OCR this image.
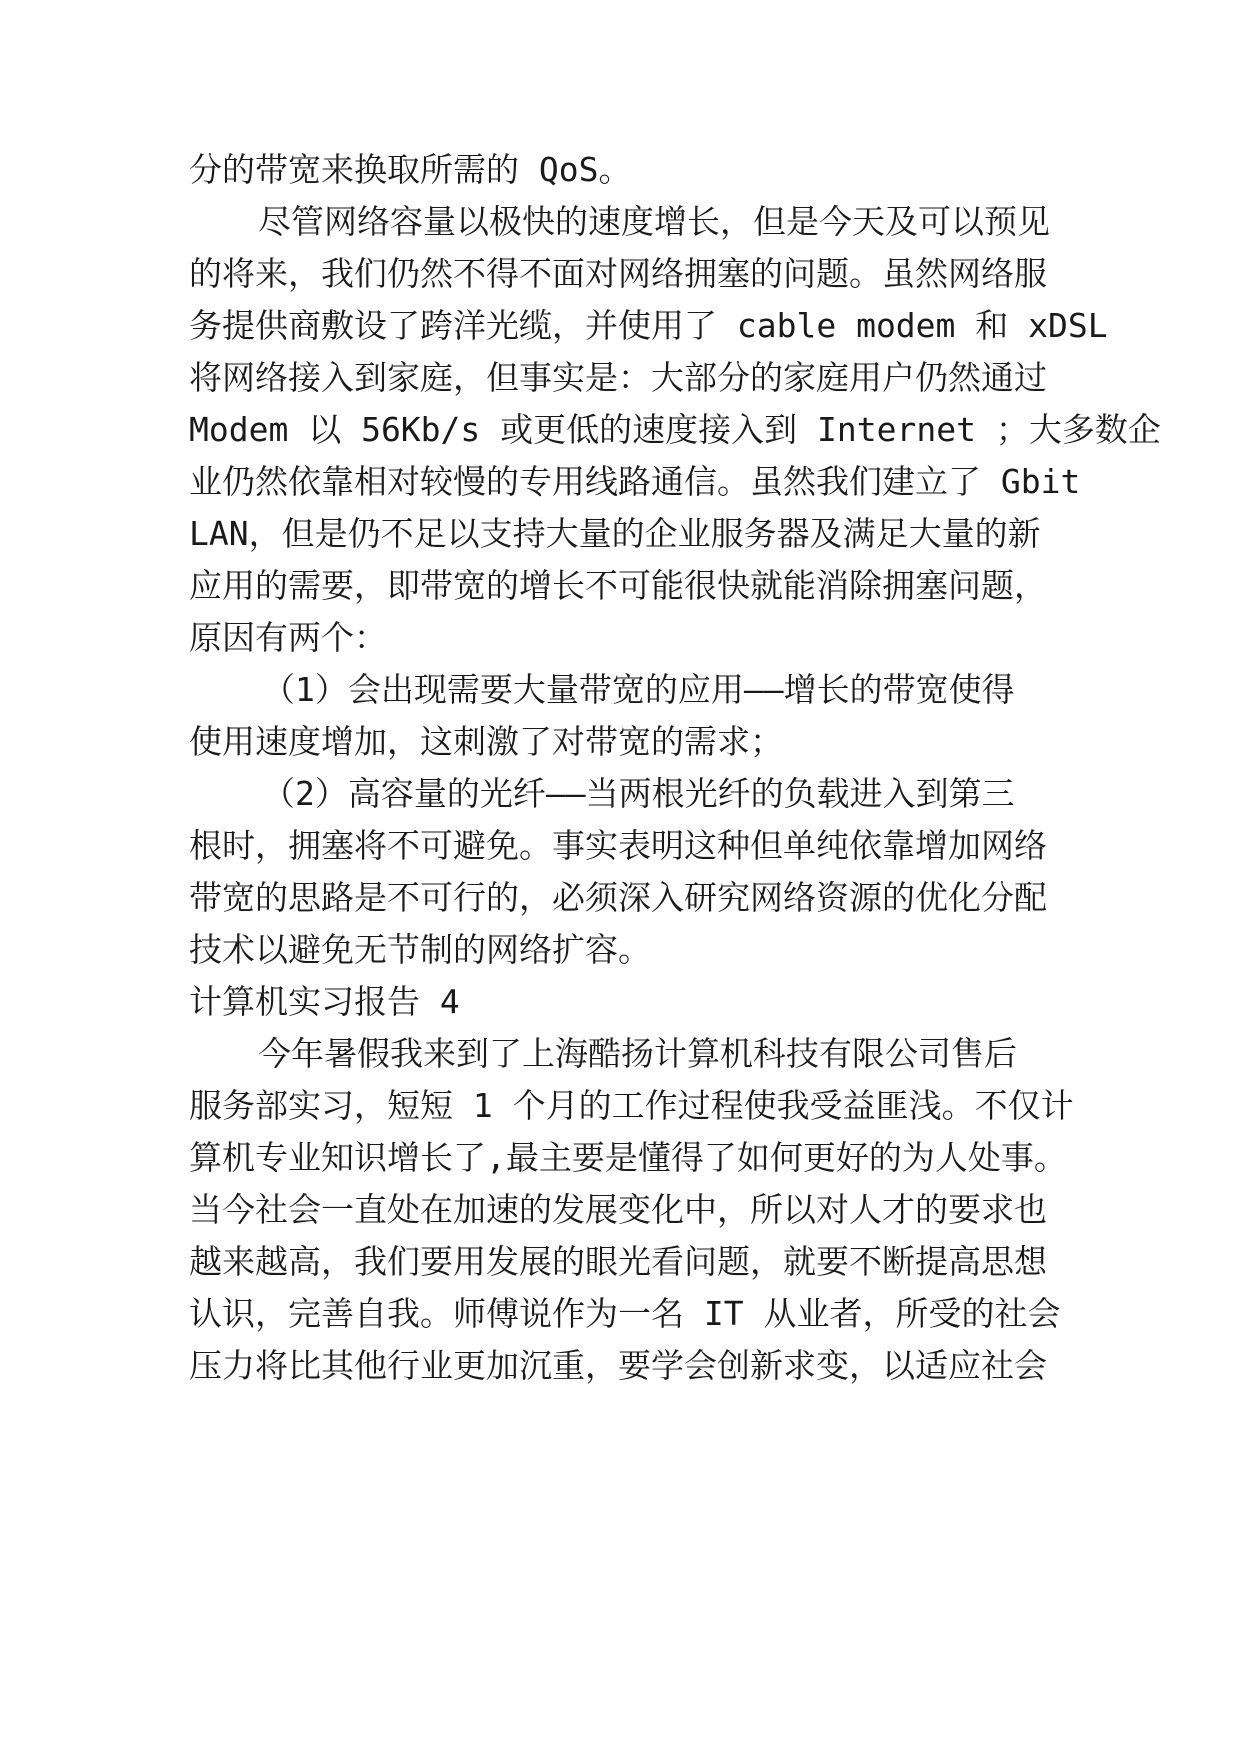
分的带宽来换取所需的 QoS。
尽管网络容量以极快的速度增长，但是今天及可以预见
的将来，我们仍然不得不面对网络拥塞的问题。虽然网络服
务提供商敷设了跨洋光缆，并使用了 cable modem 和 xDSL
将网络接入到家庭，但事实是：大部分的家庭用户仍然通过
Modem 以 56Kb/s 或更低的速度接入到 Internet ；大多数企
业仍然依靠相对较慢的专用线路通信。虽然我们建立了 Gbit
LAN，但是仍不足以支持大量的企业服务器及满足大量的新
应用的需要，即带宽的增长不可能很快就能消除拥塞问题，
原因有两个：
（1）会出现需要大量带宽的应用——增长的带宽使得
使用速度增加，这刺激了对带宽的需求；
（2）高容量的光纤——当两根光纤的负载进入到第三
根时，拥塞将不可避免。事实表明这种但单纯依靠增加网络
带宽的思路是不可行的，必须深入研究网络资源的优化分配
技术以避免无节制的网络扩容。
计算机实习报告 4
今年暑假我来到了上海酷扬计算机科技有限公司售后
服务部实习，短短 1 个月的工作过程使我受益匪浅。不仅计
算机专业知识增长了,最主要是懂得了如何更好的为人处事。
当今社会一直处在加速的发展变化中，所以对人才的要求也
越来越高，我们要用发展的眼光看问题，就要不断提高思想
认识，完善自我。师傅说作为一名 IT 从业者，所受的社会
压力将比其他行业更加沉重，要学会创新求变，以适应社会
